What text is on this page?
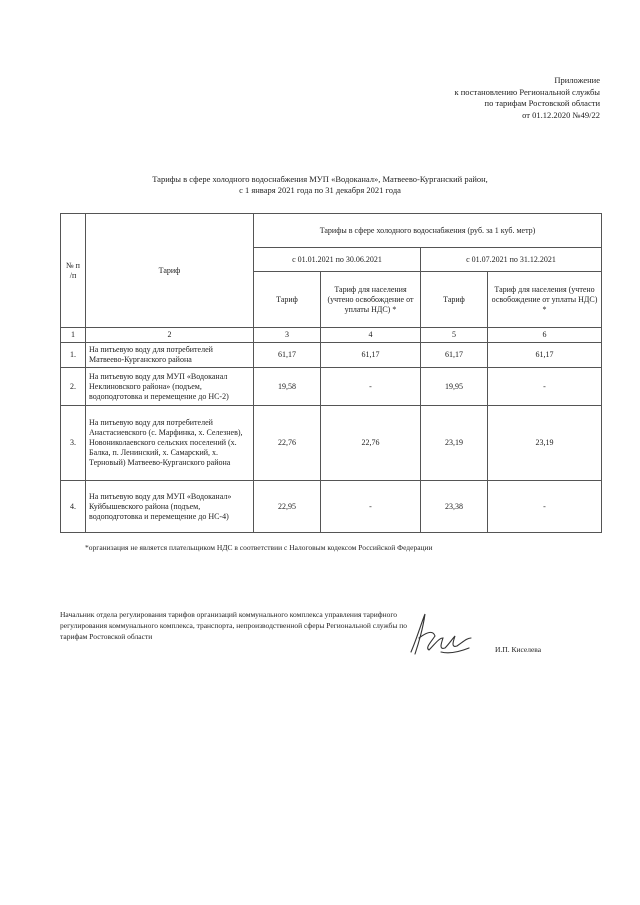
Приложение
к постановлению Региональной службы
по тарифам Ростовской области
от 01.12.2020 №49/22
Тарифы в сфере холодного водоснабжения МУП «Водоканал», Матвеево-Курганский район,
с 1 января 2021 года по 31 декабря 2021 года
№ п /п	Тариф	Тарифы в сфере холодного водоснабжения (руб. за 1 куб. метр)			
		с 01.01.2021 по 30.06.2021		с 01.07.2021 по 31.12.2021	
		Тариф	Тариф для населения (учтено освобождение от уплаты НДС) *	Тариф	Тариф для населения (учтено освобождение от уплаты НДС) *
1	2	3	4	5	6
1.	На питьевую воду для потребителей Матвеево-Курганского района	61,17	61,17	61,17	61,17
2.	На питьевую воду для МУП «Водоканал Неклиновского района» (подъем, водоподготовка и перемещение до НС-2)	19,58	-	19,95	-
3.	На питьевую воду для потребителей Анастасиевского (с. Марфинка, х. Селезнев), Новониколаевского сельских поселений (х. Балка, п. Ленинский, х. Самарский, х. Терновый) Матвеево-Курганского района	22,76	22,76	23,19	23,19
4.	На питьевую воду для МУП «Водоканал» Куйбышевского района (подъем, водоподготовка и перемещение до НС-4)	22,95	-	23,38	-
*организация не является плательщиком НДС в соответствии с Налоговым кодексом Российской Федерации
Начальник отдела регулирования тарифов организаций коммунального комплекса управления тарифного регулирования коммунального комплекса, транспорта, непроизводственной сферы Региональной службы по тарифам Ростовской области
И.П. Киселева
